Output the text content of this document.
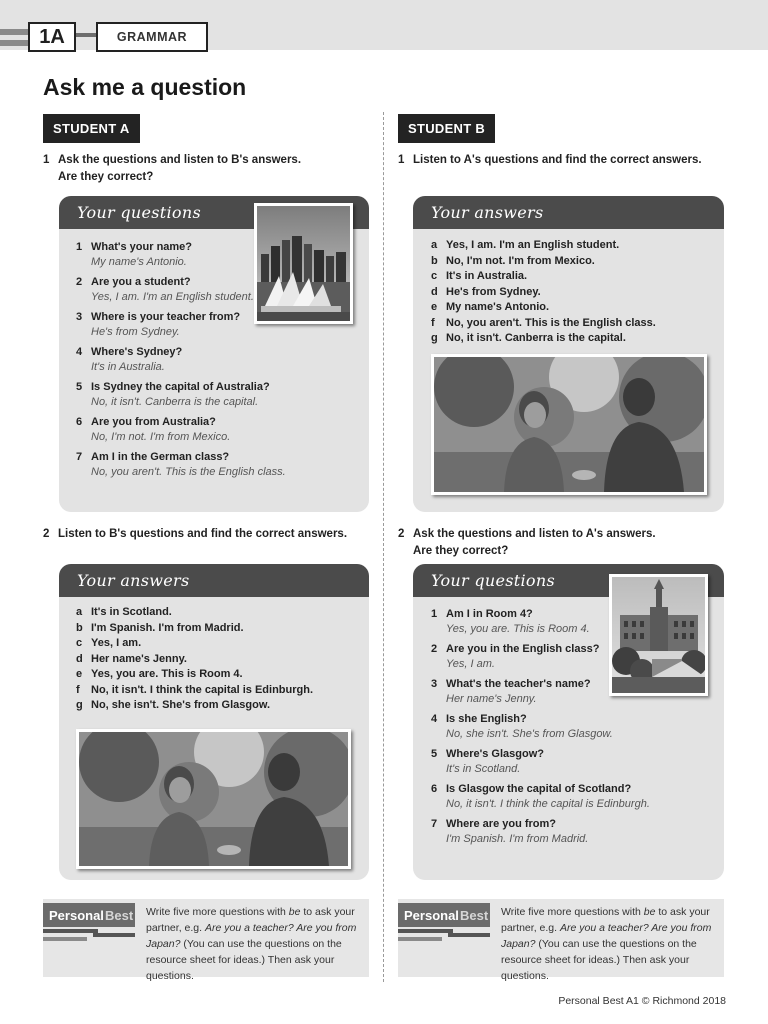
1A	GRAMMAR
Ask me a question
STUDENT A
1 Ask the questions and listen to B's answers.
Are they correct?
Your questions
1 What's your name?
My name's Antonio.
2 Are you a student?
Yes, I am. I'm an English student.
3 Where is your teacher from?
He's from Sydney.
4 Where's Sydney?
It's in Australia.
5 Is Sydney the capital of Australia?
No, it isn't. Canberra is the capital.
6 Are you from Australia?
No, I'm not. I'm from Mexico.
7 Am I in the German class?
No, you aren't. This is the English class.
2 Listen to B's questions and find the correct answers.
Your answers
a It's in Scotland.
b I'm Spanish. I'm from Madrid.
c Yes, I am.
d Her name's Jenny.
e Yes, you are. This is Room 4.
f No, it isn't. I think the capital is Edinburgh.
g No, she isn't. She's from Glasgow.
Personal Best Write five more questions with be to ask your partner, e.g. Are you a teacher? Are you from Japan? (You can use the questions on the resource sheet for ideas.) Then ask your questions.
STUDENT B
1 Listen to A's questions and find the correct answers.
Your answers
a Yes, I am. I'm an English student.
b No, I'm not. I'm from Mexico.
c It's in Australia.
d He's from Sydney.
e My name's Antonio.
f No, you aren't. This is the English class.
g No, it isn't. Canberra is the capital.
2 Ask the questions and listen to A's answers.
Are they correct?
Your questions
1 Am I in Room 4?
Yes, you are. This is Room 4.
2 Are you in the English class?
Yes, I am.
3 What's the teacher's name?
Her name's Jenny.
4 Is she English?
No, she isn't. She's from Glasgow.
5 Where's Glasgow?
It's in Scotland.
6 Is Glasgow the capital of Scotland?
No, it isn't. I think the capital is Edinburgh.
7 Where are you from?
I'm Spanish. I'm from Madrid.
Personal Best Write five more questions with be to ask your partner, e.g. Are you a teacher? Are you from Japan? (You can use the questions on the resource sheet for ideas.) Then ask your questions.
Personal Best A1 © Richmond 2018
